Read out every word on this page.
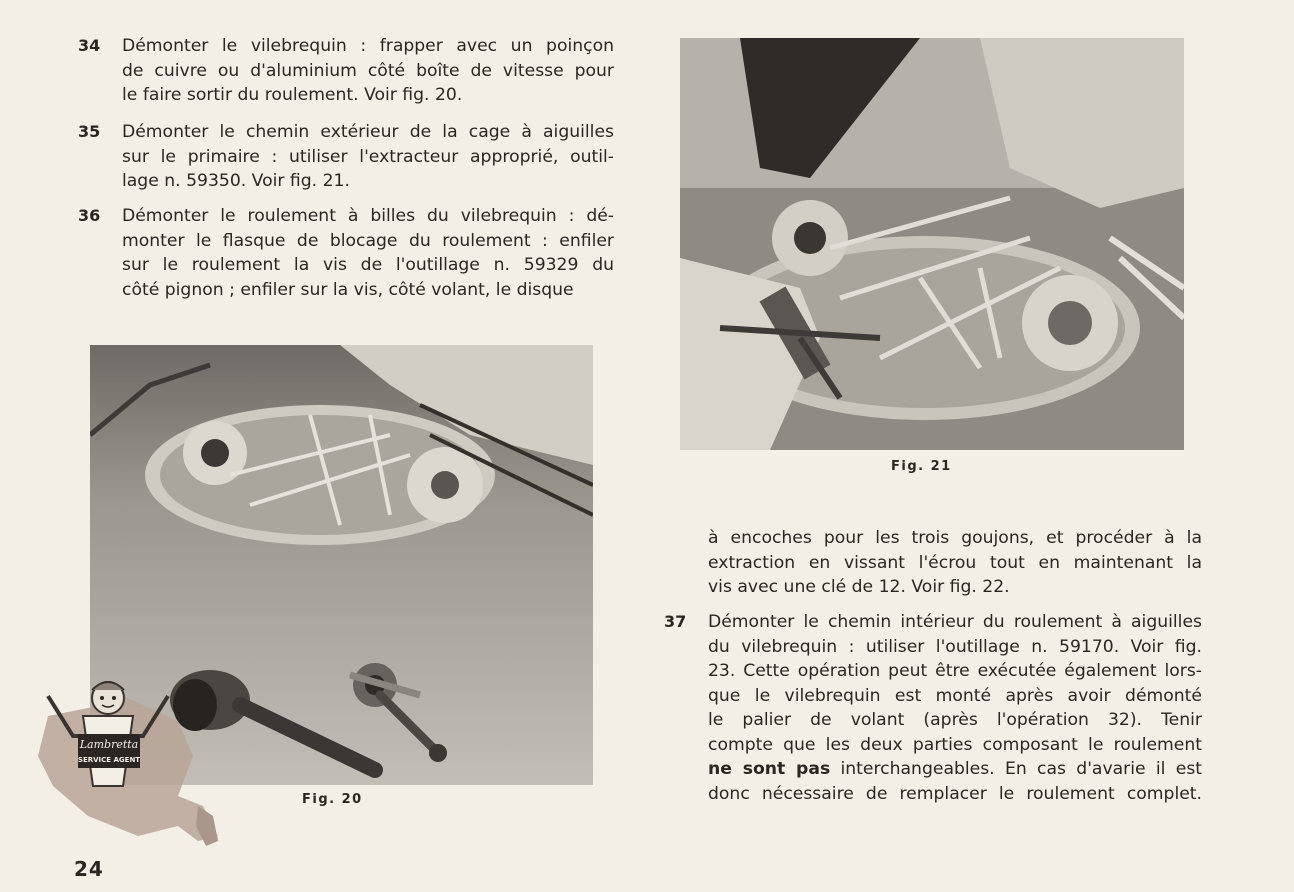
34 Démonter le vilebrequin : frapper avec un poinçon
de cuivre ou d'aluminium côté boîte de vitesse pour
le faire sortir du roulement. Voir fig. 20.
35 Démonter le chemin extérieur de la cage à aiguilles
sur le primaire : utiliser l'extracteur approprié, outil-
lage n. 59350. Voir fig. 21.
36 Démonter le roulement à billes du vilebrequin : dé-
monter le flasque de blocage du roulement : enfiler
sur le roulement la vis de l'outillage n. 59329 du
côté pignon ; enfiler sur la vis, côté volant, le disque
Fig. 21
Fig. 20
à encoches pour les trois goujons, et procéder à la
extraction en vissant l'écrou tout en maintenant la
vis avec une clé de 12. Voir fig. 22.
37 Démonter le chemin intérieur du roulement à aiguilles
du vilebrequin : utiliser l'outillage n. 59170. Voir fig.
23. Cette opération peut être exécutée également lors-
que le vilebrequin est monté après avoir démonté
le palier de volant (après l'opération 32). Tenir
compte que les deux parties composant le roulement
ne sont pas interchangeables. En cas d'avarie il est
donc nécessaire de remplacer le roulement complet.
Lambretta
SERVICE AGENT
24
